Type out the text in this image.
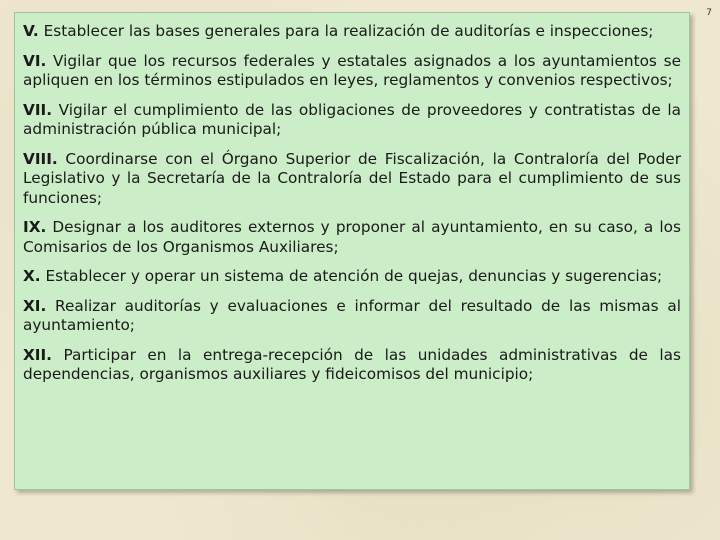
7

V. Establecer las bases generales para la realización de auditorías e inspecciones;

VI. Vigilar que los recursos federales y estatales asignados a los ayuntamientos se apliquen en los términos estipulados en leyes, reglamentos y convenios respectivos;

VII. Vigilar el cumplimiento de las obligaciones de proveedores y contratistas de la administración pública municipal;

VIII. Coordinarse con el Órgano Superior de Fiscalización, la Contraloría del Poder Legislativo y la Secretaría de la Contraloría del Estado para el cumplimiento de sus funciones;

IX. Designar a los auditores externos y proponer al ayuntamiento, en su caso, a los Comisarios de los Organismos Auxiliares;

X. Establecer y operar un sistema de atención de quejas, denuncias y sugerencias;

XI. Realizar auditorías y evaluaciones e informar del resultado de las mismas al ayuntamiento;

XII. Participar en la entrega-recepción de las unidades administrativas de las dependencias, organismos auxiliares y fideicomisos del municipio;
